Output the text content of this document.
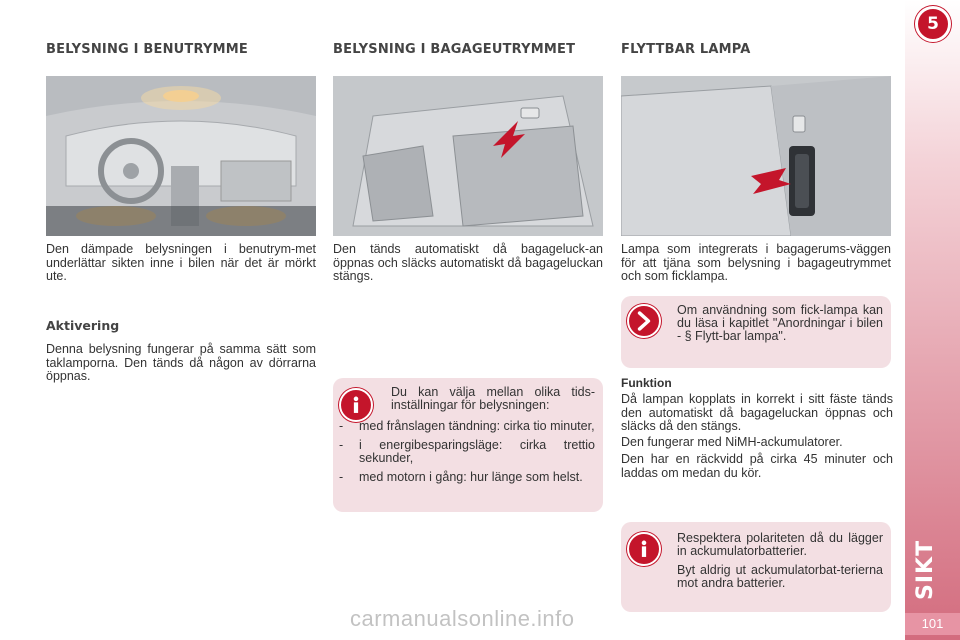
BELYSNING I BENUTRYMME
Den dämpade belysningen i benutrym-met underlättar sikten inne i bilen när det är mörkt ute.
Aktivering
Denna belysning fungerar på samma sätt som taklamporna. Den tänds då någon av dörrarna öppnas.
BELYSNING I BAGAGEUTRYMMET
Den tänds automatiskt då bagageluck-an öppnas och släcks automatiskt då bagageluckan stängs.
Du kan välja mellan olika tids-inställningar för belysningen:
- med frånslagen tändning: cirka tio minuter,
- i energibesparingsläge: cirka trettio sekunder,
- med motorn i gång: hur länge som helst.
FLYTTBAR LAMPA
Lampa som integrerats i bagagerums-väggen för att tjäna som belysning i bagageutrymmet och som ficklampa.
Om användning som fick-lampa kan du läsa i kapitlet "Anordningar i bilen - § Flytt-bar lampa".
Funktion
Då lampan kopplats in korrekt i sitt fäste tänds den automatiskt då bagageluckan öppnas och släcks då den stängs.
Den fungerar med NiMH-ackumulatorer.
Den har en räckvidd på cirka 45 minuter och laddas om medan du kör.
Respektera polariteten då du lägger in ackumulatorbatterier.
Byt aldrig ut ackumulatorbat-terierna mot andra batterier.
5
SIKT
101
carmanualsonline.info
